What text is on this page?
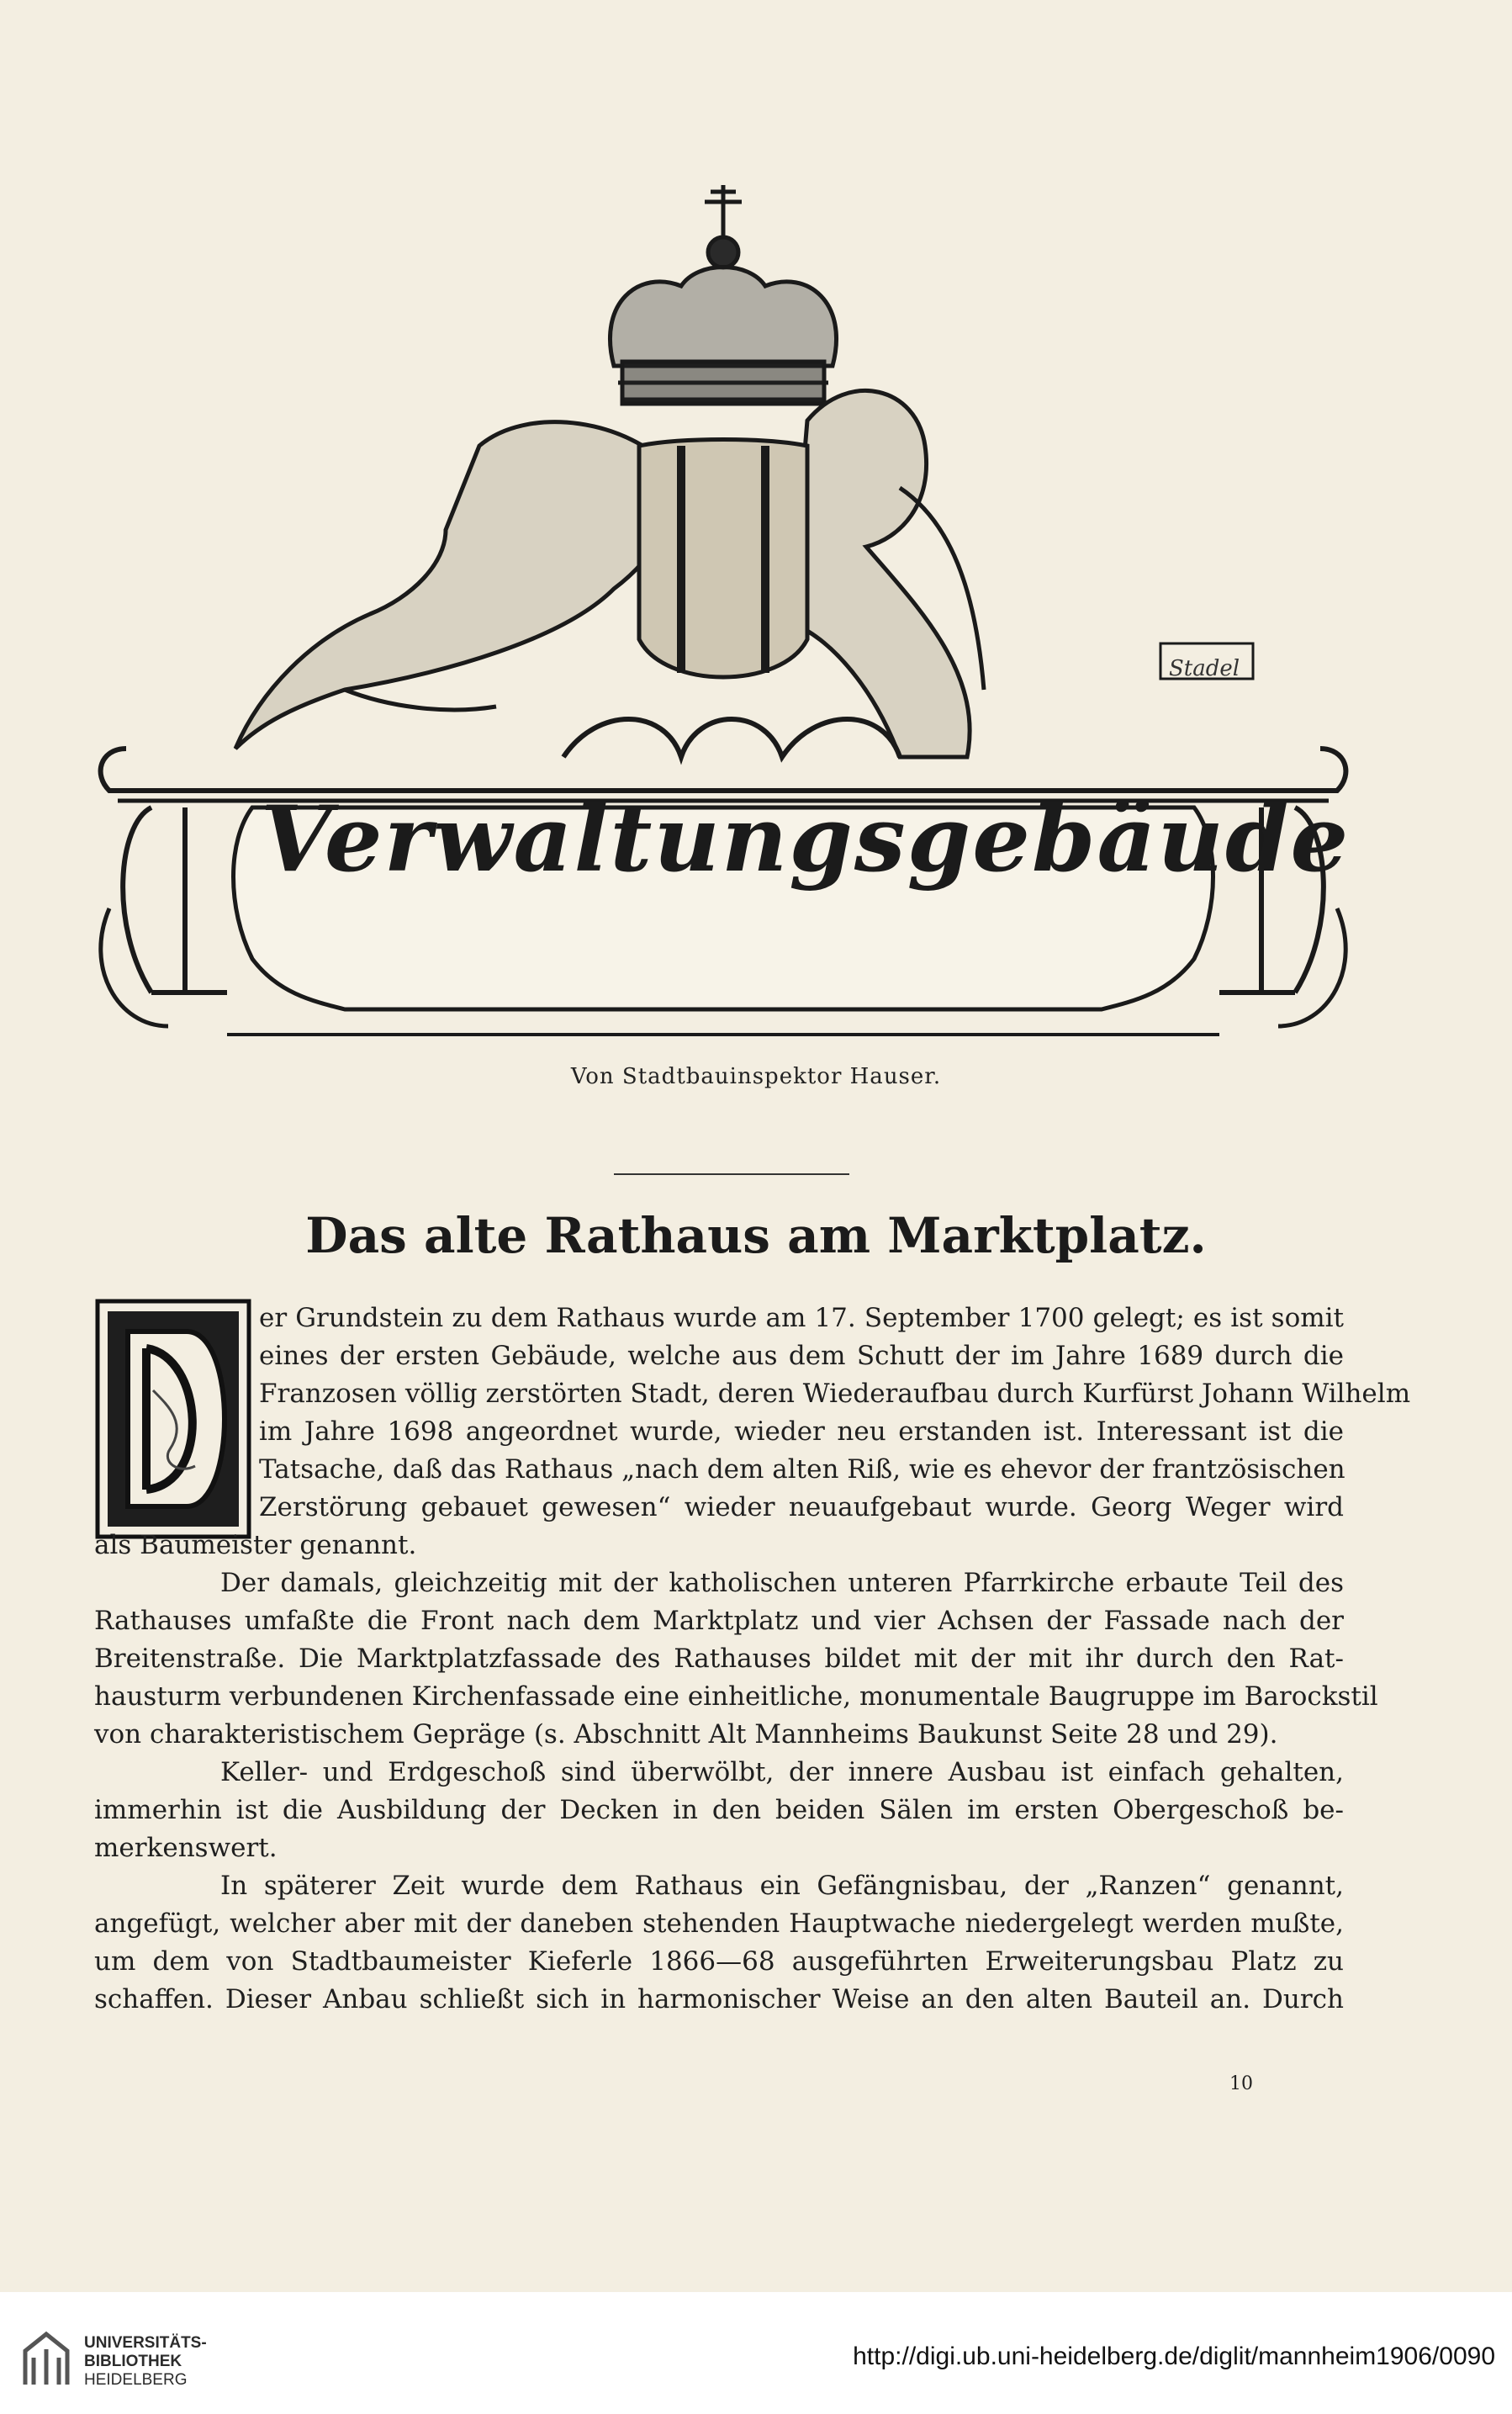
Stadel
Verwaltungsgebäude
Von Stadtbauinspektor Hauser.
Das alte Rathaus am Marktplatz.
er Grundstein zu dem Rathaus wurde am 17. September 1700 gelegt; es ist somit
eines der ersten Gebäude, welche aus dem Schutt der im Jahre 1689 durch die
Franzosen völlig zerstörten Stadt, deren Wiederaufbau durch Kurfürst Johann Wilhelm
im Jahre 1698 angeordnet wurde, wieder neu erstanden ist. Interessant ist die
Tatsache, daß das Rathaus „nach dem alten Riß, wie es ehevor der frantzösischen
Zerstörung gebauet gewesen“ wieder neuaufgebaut wurde. Georg Weger wird
als Baumeister genannt.
Der damals, gleichzeitig mit der katholischen unteren Pfarrkirche erbaute Teil des
Rathauses umfaßte die Front nach dem Marktplatz und vier Achsen der Fassade nach der
Breitenstraße. Die Marktplatzfassade des Rathauses bildet mit der mit ihr durch den Rat-
hausturm verbundenen Kirchenfassade eine einheitliche, monumentale Baugruppe im Barockstil
von charakteristischem Gepräge (s. Abschnitt Alt Mannheims Baukunst Seite 28 und 29).
Keller- und Erdgeschoß sind überwölbt, der innere Ausbau ist einfach gehalten,
immerhin ist die Ausbildung der Decken in den beiden Sälen im ersten Obergeschoß be-
merkenswert.
In späterer Zeit wurde dem Rathaus ein Gefängnisbau, der „Ranzen“ genannt,
angefügt, welcher aber mit der daneben stehenden Hauptwache niedergelegt werden mußte,
um dem von Stadtbaumeister Kieferle 1866—68 ausgeführten Erweiterungsbau Platz zu
schaffen. Dieser Anbau schließt sich in harmonischer Weise an den alten Bauteil an. Durch
10
UNIVERSITÄTS-
BIBLIOTHEK
HEIDELBERG
http://digi.ub.uni-heidelberg.de/diglit/mannheim1906/0090
